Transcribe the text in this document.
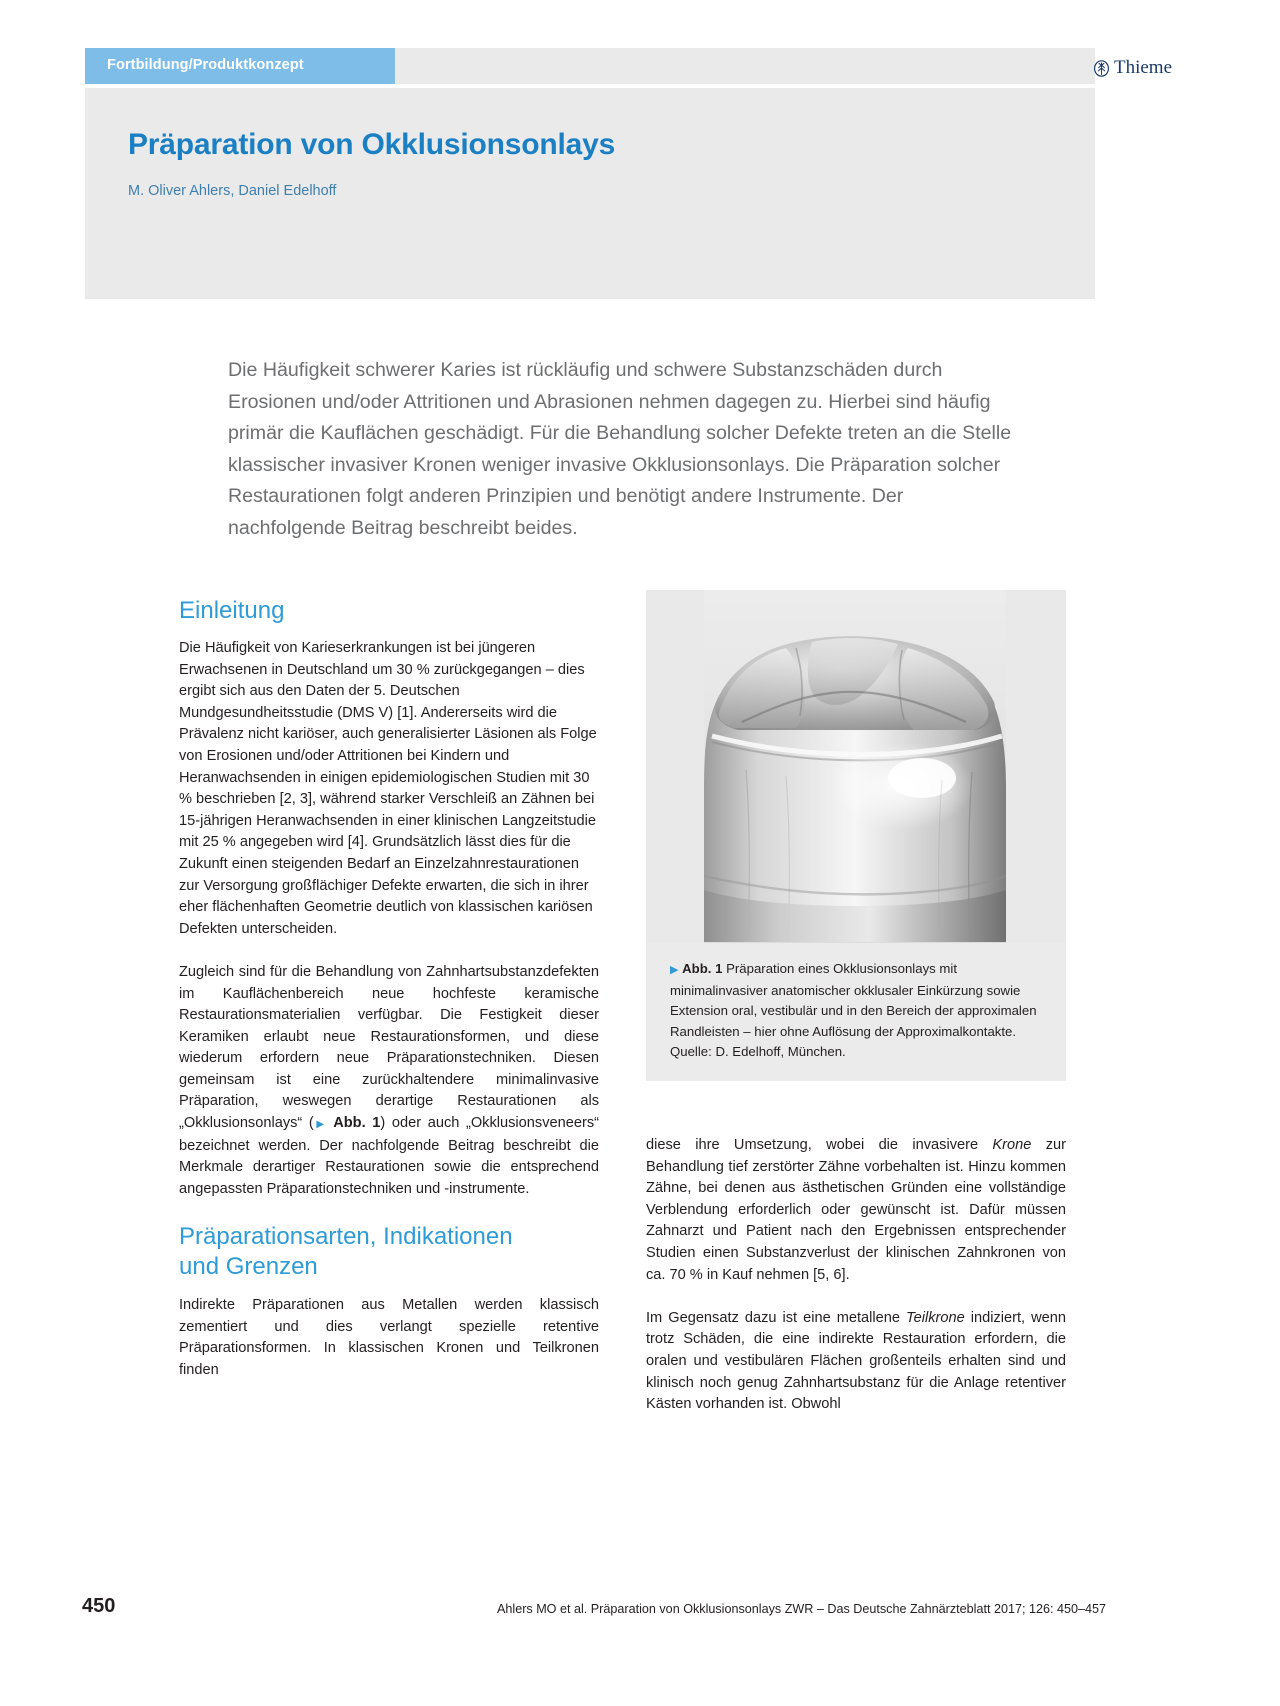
Fortbildung/Produktkonzept	Thieme
Präparation von Okklusionsonlays
M. Oliver Ahlers, Daniel Edelhoff
Die Häufigkeit schwerer Karies ist rückläufig und schwere Substanzschäden durch Erosionen und/oder Attritionen und Abrasionen nehmen dagegen zu. Hierbei sind häufig primär die Kauflächen geschädigt. Für die Behandlung solcher Defekte treten an die Stelle klassischer invasiver Kronen weniger invasive Okklusionsonlays. Die Präparation solcher Restaurationen folgt anderen Prinzipien und benötigt andere Instrumente. Der nachfolgende Beitrag beschreibt beides.
▶ Abb. 1 Präparation eines Okklusionsonlays mit minimalinvasiver anatomischer okklusaler Einkürzung sowie Extension oral, vestibulär und in den Bereich der approximalen Randleisten – hier ohne Auflösung der Approximalkontakte. Quelle: D. Edelhoff, München.
Einleitung

Die Häufigkeit von Karieserkrankungen ist bei jüngeren Erwachsenen in Deutschland um 30 % zurückgegangen – dies ergibt sich aus den Daten der 5. Deutschen Mundgesundheitsstudie (DMS V) [1]. Andererseits wird die Prävalenz nicht kariöser, auch generalisierter Läsionen als Folge von Erosionen und/oder Attritionen bei Kindern und Heranwachsenden in einigen epidemiologischen Studien mit 30 % beschrieben [2, 3], während starker Verschleiß an Zähnen bei 15-jährigen Heranwachsenden in einer klinischen Langzeitstudie mit 25 % angegeben wird [4]. Grundsätzlich lässt dies für die Zukunft einen steigenden Bedarf an Einzelzahnrestaurationen zur Versorgung großflächiger Defekte erwarten, die sich in ihrer eher flächenhaften Geometrie deutlich von klassischen kariösen Defekten unterscheiden.

Zugleich sind für die Behandlung von Zahnhartsubstanzdefekten im Kauflächenbereich neue hochfeste keramische Restaurationsmaterialien verfügbar. Die Festigkeit dieser Keramiken erlaubt neue Restaurationsformen, und diese wiederum erfordern neue Präparationstechniken. Diesen gemeinsam ist eine zurückhaltendere minimalinvasive Präparation, weswegen derartige Restaurationen als „Okklusionsonlays“ (▶ Abb. 1) oder auch „Okklusionsveneers“ bezeichnet werden. Der nachfolgende Beitrag beschreibt die Merkmale derartiger Restaurationen sowie die entsprechend angepassten Präparationstechniken und -instrumente.

Präparationsarten, Indikationen
und Grenzen

Indirekte Präparationen aus Metallen werden klassisch zementiert und dies verlangt spezielle retentive Präparationsformen. In klassischen Kronen und Teilkronen finden

diese ihre Umsetzung, wobei die invasivere Krone zur Behandlung tief zerstörter Zähne vorbehalten ist. Hinzu kommen Zähne, bei denen aus ästhetischen Gründen eine vollständige Verblendung erforderlich oder gewünscht ist. Dafür müssen Zahnarzt und Patient nach den Ergebnissen entsprechender Studien einen Substanzverlust der klinischen Zahnkronen von ca. 70 % in Kauf nehmen [5, 6].

Im Gegensatz dazu ist eine metallene Teilkrone indiziert, wenn trotz Schäden, die eine indirekte Restauration erfordern, die oralen und vestibulären Flächen großenteils erhalten sind und klinisch noch genug Zahnhartsubstanz für die Anlage retentiver Kästen vorhanden ist. Obwohl

450	Ahlers MO et al. Präparation von Okklusionsonlays ZWR – Das Deutsche Zahnärzteblatt 2017; 126: 450–457
